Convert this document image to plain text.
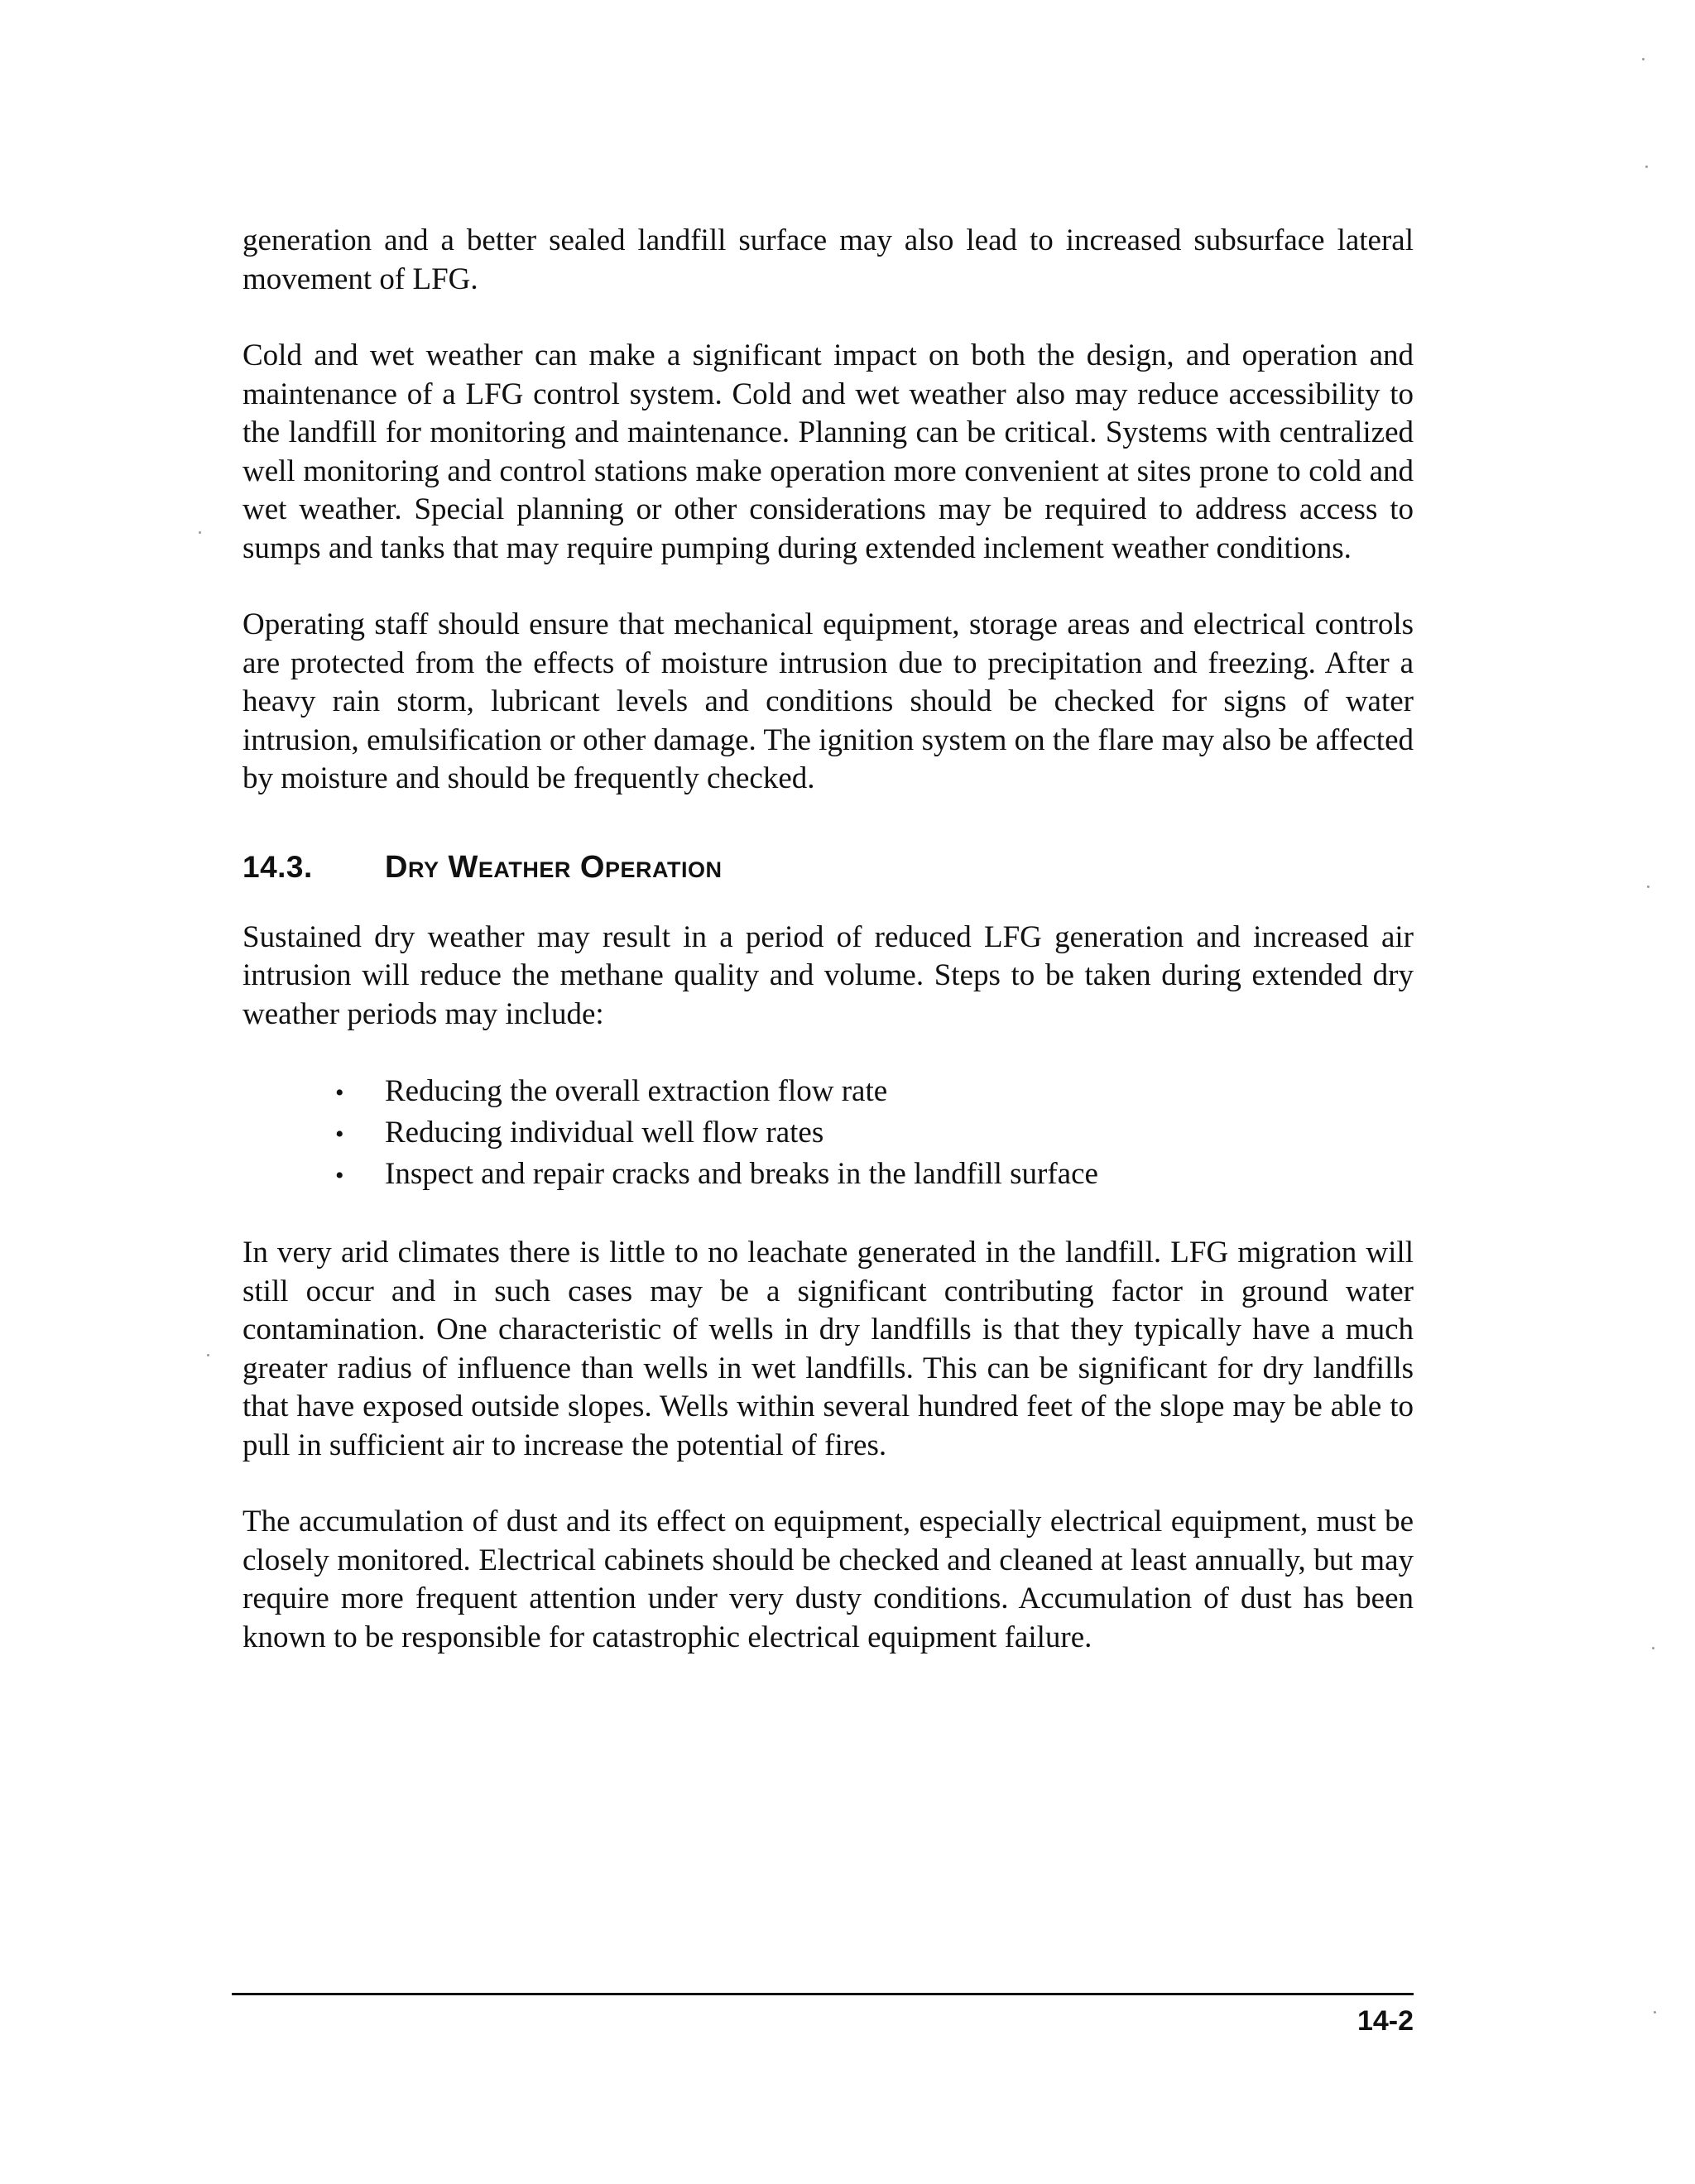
generation and a better sealed landfill surface may also lead to increased subsurface lateral movement of LFG.

Cold and wet weather can make a significant impact on both the design, and operation and maintenance of a LFG control system. Cold and wet weather also may reduce accessibility to the landfill for monitoring and maintenance. Planning can be critical. Systems with centralized well monitoring and control stations make operation more convenient at sites prone to cold and wet weather. Special planning or other considerations may be required to address access to sumps and tanks that may require pumping during extended inclement weather conditions.

Operating staff should ensure that mechanical equipment, storage areas and electrical controls are protected from the effects of moisture intrusion due to precipitation and freezing. After a heavy rain storm, lubricant levels and conditions should be checked for signs of water intrusion, emulsification or other damage. The ignition system on the flare may also be affected by moisture and should be frequently checked.

14.3.	Dry Weather Operation

Sustained dry weather may result in a period of reduced LFG generation and increased air intrusion will reduce the methane quality and volume. Steps to be taken during extended dry weather periods may include:

•	Reducing the overall extraction flow rate
•	Reducing individual well flow rates
•	Inspect and repair cracks and breaks in the landfill surface

In very arid climates there is little to no leachate generated in the landfill. LFG migration will still occur and in such cases may be a significant contributing factor in ground water contamination. One characteristic of wells in dry landfills is that they typically have a much greater radius of influence than wells in wet landfills. This can be significant for dry landfills that have exposed outside slopes. Wells within several hundred feet of the slope may be able to pull in sufficient air to increase the potential of fires.

The accumulation of dust and its effect on equipment, especially electrical equipment, must be closely monitored. Electrical cabinets should be checked and cleaned at least annually, but may require more frequent attention under very dusty conditions. Accumulation of dust has been known to be responsible for catastrophic electrical equipment failure.

14-2
